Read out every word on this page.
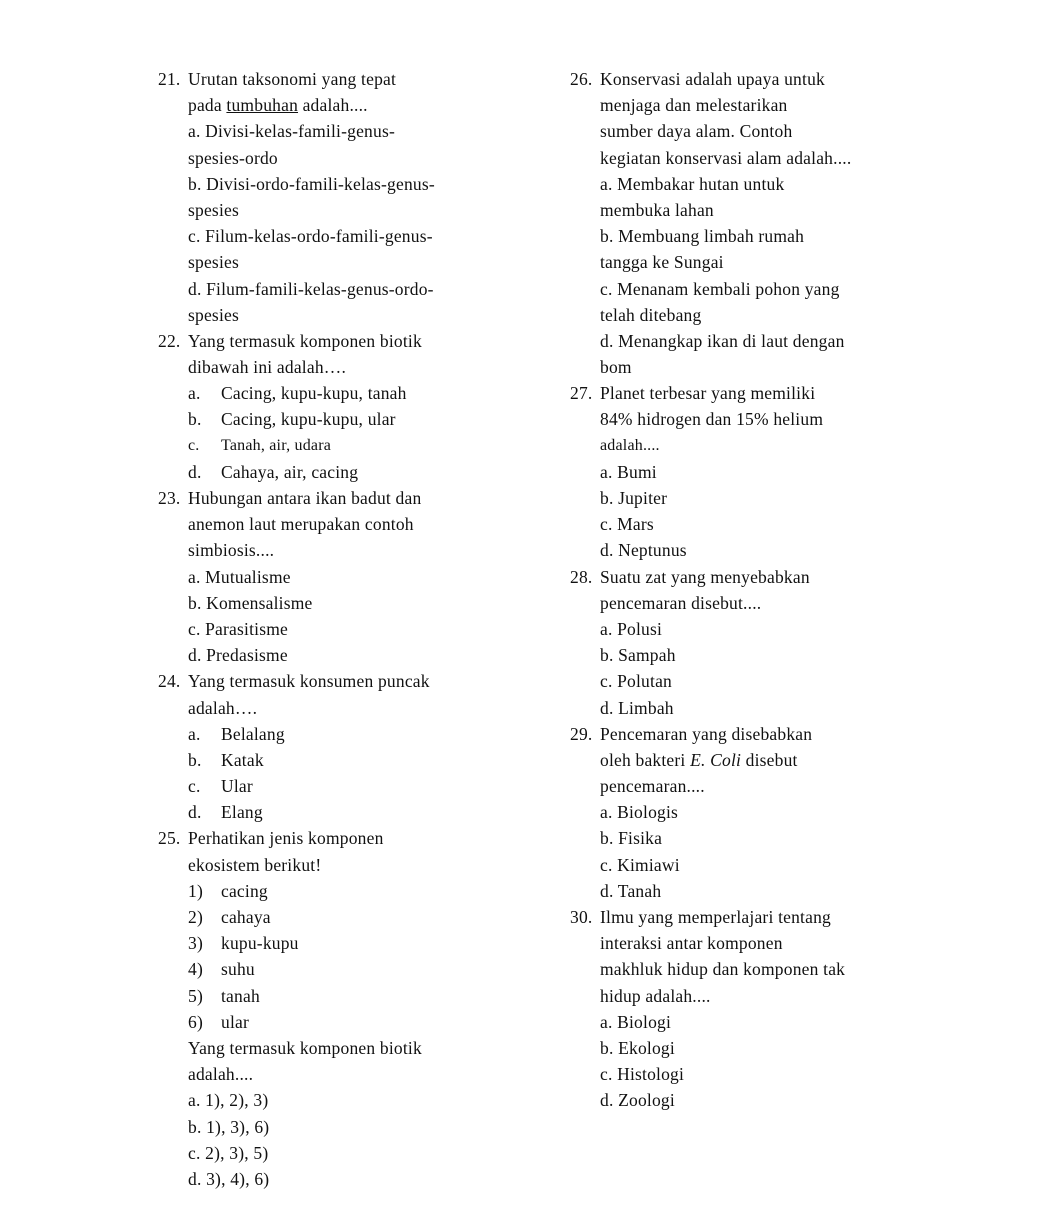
21. Urutan taksonomi yang tepat
pada tumbuhan adalah....
a. Divisi-kelas-famili-genus-
spesies-ordo
b. Divisi-ordo-famili-kelas-genus-
spesies
c. Filum-kelas-ordo-famili-genus-
spesies
d. Filum-famili-kelas-genus-ordo-
spesies
22. Yang termasuk komponen biotik
dibawah ini adalah….
a. Cacing, kupu-kupu, tanah
b. Cacing, kupu-kupu, ular
c. Tanah, air, udara
d. Cahaya, air, cacing
23. Hubungan antara ikan badut dan
anemon laut merupakan contoh
simbiosis....
a. Mutualisme
b. Komensalisme
c. Parasitisme
d. Predasisme
24. Yang termasuk konsumen puncak
adalah….
a. Belalang
b. Katak
c. Ular
d. Elang
25. Perhatikan jenis komponen
ekosistem berikut!
1) cacing
2) cahaya
3) kupu-kupu
4) suhu
5) tanah
6) ular
Yang termasuk komponen biotik
adalah....
a. 1), 2), 3)
b. 1), 3), 6)
c. 2), 3), 5)
d. 3), 4), 6)
26. Konservasi adalah upaya untuk
menjaga dan melestarikan
sumber daya alam. Contoh
kegiatan konservasi alam adalah....
a. Membakar hutan untuk
membuka lahan
b. Membuang limbah rumah
tangga ke Sungai
c. Menanam kembali pohon yang
telah ditebang
d. Menangkap ikan di laut dengan
bom
27. Planet terbesar yang memiliki
84% hidrogen dan 15% helium
adalah....
a. Bumi
b. Jupiter
c. Mars
d. Neptunus
28. Suatu zat yang menyebabkan
pencemaran disebut....
a. Polusi
b. Sampah
c. Polutan
d. Limbah
29. Pencemaran yang disebabkan
oleh bakteri E. Coli disebut
pencemaran....
a. Biologis
b. Fisika
c. Kimiawi
d. Tanah
30. Ilmu yang memperlajari tentang
interaksi antar komponen
makhluk hidup dan komponen tak
hidup adalah....
a. Biologi
b. Ekologi
c. Histologi
d. Zoologi
